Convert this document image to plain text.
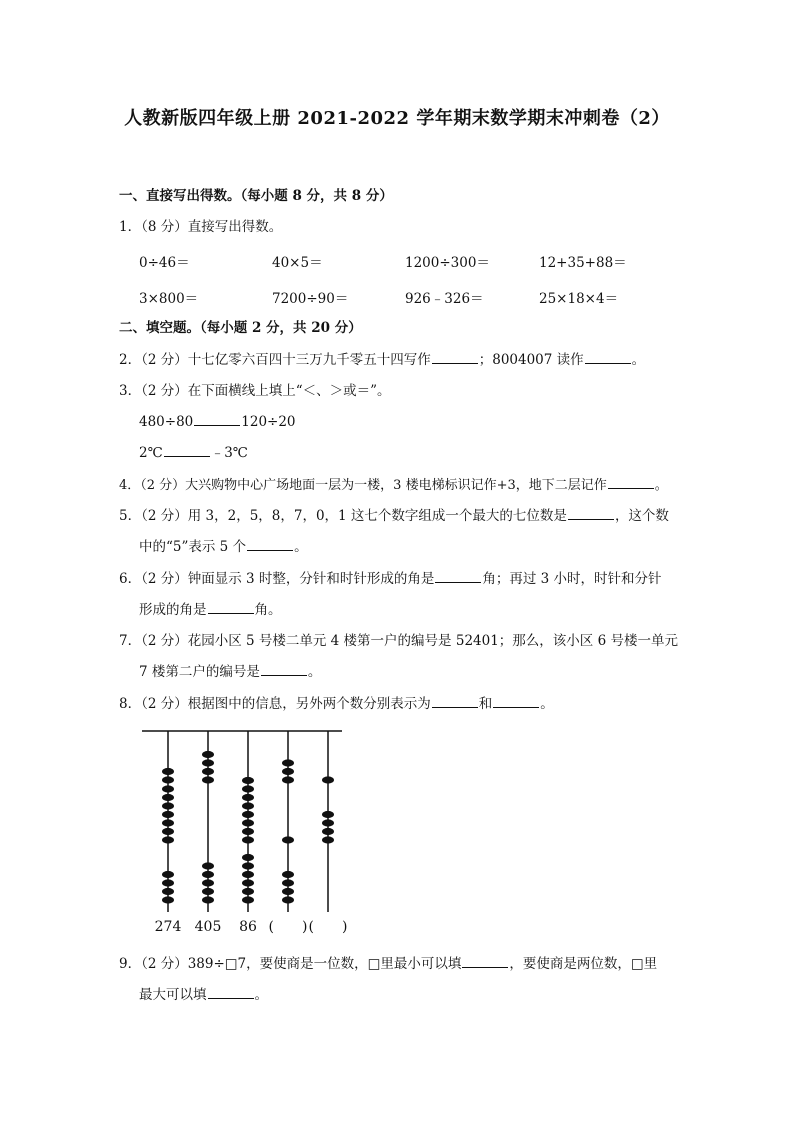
人教新版四年级上册 2021-2022 学年期末数学期末冲刺卷（2）
一、直接写出得数。（每小题 8 分，共 8 分）
1．（8 分）直接写出得数。
0÷46＝	40×5＝	1200÷300＝	12+35+88＝
3×800＝	7200÷90＝	926﹣326＝	25×18×4＝
二、填空题。（每小题 2 分，共 20 分）
2．（2 分）十七亿零六百四十三万九千零五十四写作	；8004007 读作	。
3．（2 分）在下面横线上填上“＜、＞或＝”。
480÷80	120÷20
2℃	﹣3℃
4．（2 分）大兴购物中心广场地面一层为一楼，3 楼电梯标识记作+3，地下二层记作	。
5．（2 分）用 3，2，5，8，7，0，1 这七个数字组成一个最大的七位数是	，这个数
中的“5”表示 5 个	。
6．（2 分）钟面显示 3 时整，分针和时针形成的角是	角；再过 3 小时，时针和分针
形成的角是	角。
7．（2 分）花园小区 5 号楼二单元 4 楼第一户的编号是 52401；那么，该小区 6 号楼一单元
7 楼第二户的编号是	。
8．（2 分）根据图中的信息，另外两个数分别表示为	和	。
274 405 86 (　　) (　　)
9．（2 分）389÷□7，要使商是一位数，□里最小可以填	，要使商是两位数，□里
最大可以填	。
